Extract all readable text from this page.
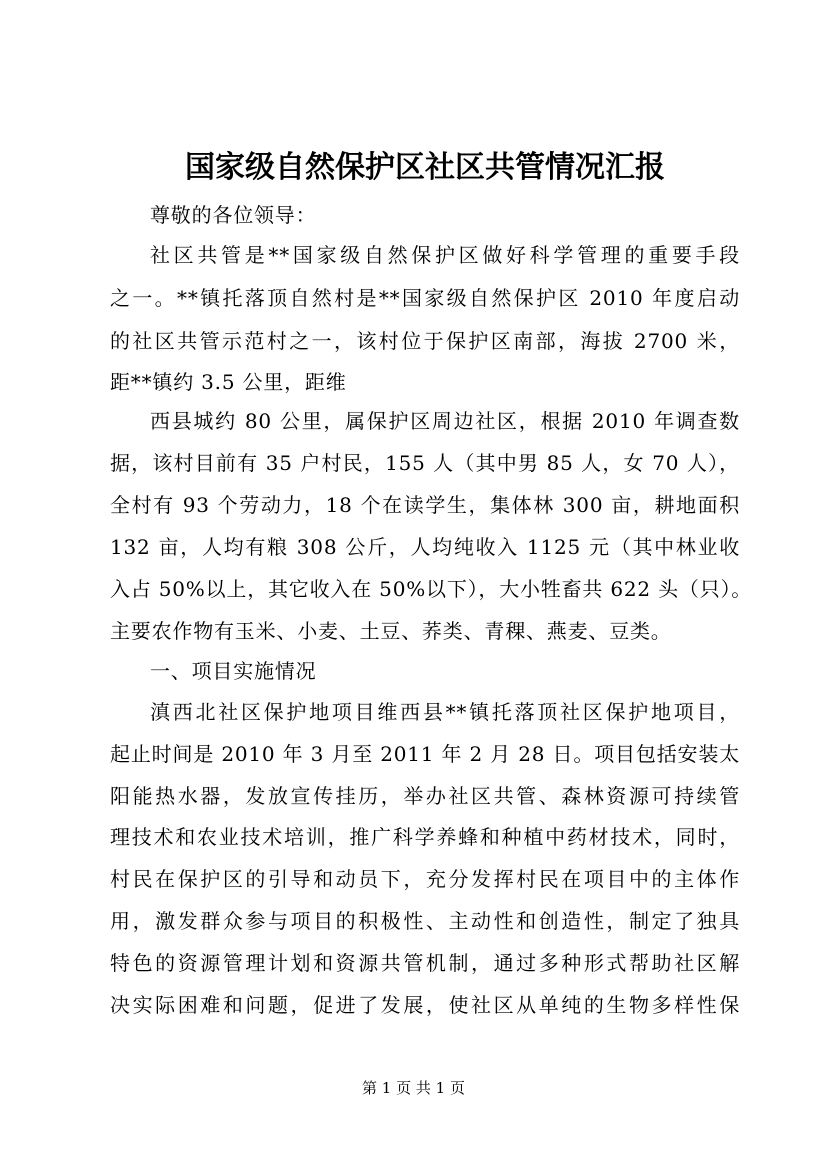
国家级自然保护区社区共管情况汇报
尊敬的各位领导：
社区共管是**国家级自然保护区做好科学管理的重要手段
之一。**镇托落顶自然村是**国家级自然保护区 2010 年度启动
的社区共管示范村之一，该村位于保护区南部，海拔 2700 米，
距**镇约 3.5 公里，距维
西县城约 80 公里，属保护区周边社区，根据 2010 年调查数
据，该村目前有 35 户村民，155 人（其中男 85 人，女 70 人），
全村有 93 个劳动力，18 个在读学生，集体林 300 亩，耕地面积
132 亩，人均有粮 308 公斤，人均纯收入 1125 元（其中林业收
入占 50%以上，其它收入在 50%以下），大小牲畜共 622 头（只）。
主要农作物有玉米、小麦、土豆、荞类、青稞、燕麦、豆类。
一、项目实施情况
滇西北社区保护地项目维西县**镇托落顶社区保护地项目，
起止时间是 2010 年 3 月至 2011 年 2 月 28 日。项目包括安装太
阳能热水器，发放宣传挂历，举办社区共管、森林资源可持续管
理技术和农业技术培训，推广科学养蜂和种植中药材技术，同时，
村民在保护区的引导和动员下，充分发挥村民在项目中的主体作
用，激发群众参与项目的积极性、主动性和创造性，制定了独具
特色的资源管理计划和资源共管机制，通过多种形式帮助社区解
决实际困难和问题，促进了发展，使社区从单纯的生物多样性保
第 1 页 共 1 页
